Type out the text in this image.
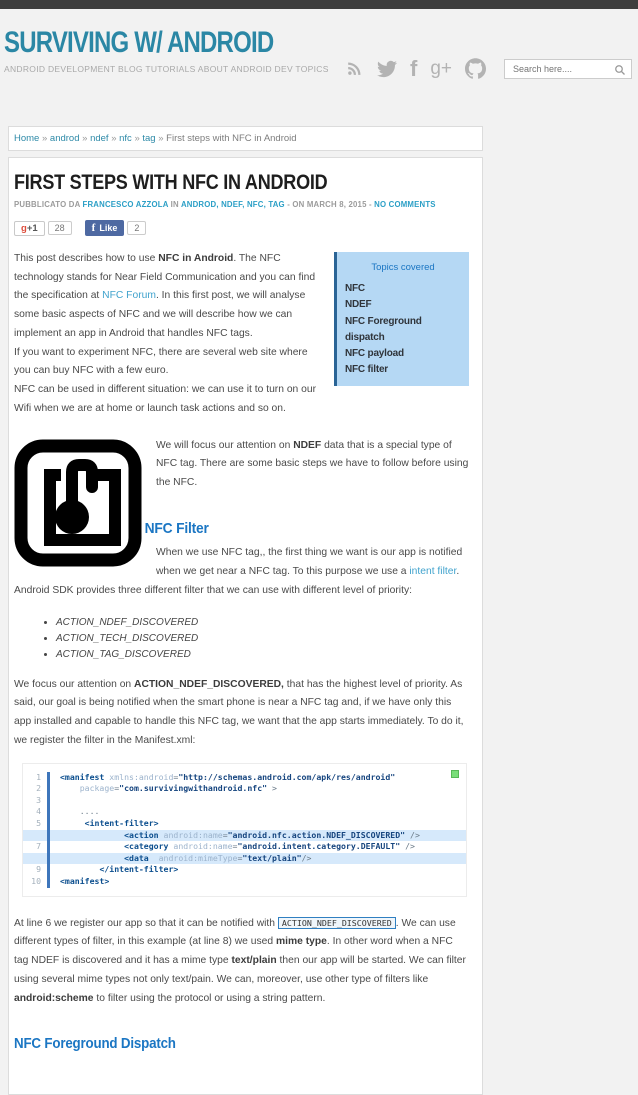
SURVIVING W/ ANDROID
ANDROID DEVELOPMENT BLOG TUTORIALS ABOUT ANDROID DEV TOPICS	f g+
Search here....
Home » androd » ndef » nfc » tag » First steps with NFC in Android
FIRST STEPS WITH NFC IN ANDROID
PUBBLICATO DA FRANCESCO AZZOLA IN ANDROD, NDEF, NFC, TAG - ON MARCH 8, 2015 - NO COMMENTS
g +1	28	f Like	2
Topics covered
NFC
NDEF
NFC Foreground dispatch
NFC payload
NFC filter

This post describes how to use NFC in Android. The NFC technology stands for Near Field Communication and you can find the specification at NFC Forum. In this first post, we will analyse some basic aspects of NFC and we will describe how we can implement an app in Android that handles NFC tags.
If you want to experiment NFC, there are several web site where you can buy NFC with a few euro.
NFC can be used in different situation: we can use it to turn on our Wifi when we are at home or launch task actions and so on.

We will focus our attention on NDEF data that is a special type of NFC tag. There are some basic steps we have to follow before using the NFC.

NFC Filter

When we use NFC tag,, the first thing we want is our app is notified when we get near a NFC tag. To this purpose we use a intent filter. Android SDK provides three different filter that we can use with different level of priority:

• ACTION_NDEF_DISCOVERED
• ACTION_TECH_DISCOVERED
• ACTION_TAG_DISCOVERED

We focus our attention on ACTION_NDEF_DISCOVERED, that has the highest level of priority. As said, our goal is being notified when the smart phone is near a NFC tag and, if we have only this app installed and capable to handle this NFC tag, we want that the app starts immediately. To do it, we register the filter in the Manifest.xml:

1	<manifest xmlns:android="http://schemas.android.com/apk/res/android"
2	package="com.survivingwithandroid.nfc" >
3

4	....
5	<intent-filter>
<action android:name="android.nfc.action.NDEF_DISCOVERED" />
7	<category android:name="android.intent.category.DEFAULT" />
<data  android:mimeType="text/plain"/>
9	</intent-filter>
10	<manifest>

At line 6 we register our app so that it can be notified with ACTION_NDEF_DISCOVERED . We can use different types of filter, in this example (at line 8) we used mime type. In other word when a NFC tag NDEF is discovered and it has a mime type text/plain then our app will be started. We can filter using several mime types not only text/pain. We can, moreover, use other type of filters like android:scheme to filter using the protocol or using a string pattern.

NFC Foreground Dispatch
